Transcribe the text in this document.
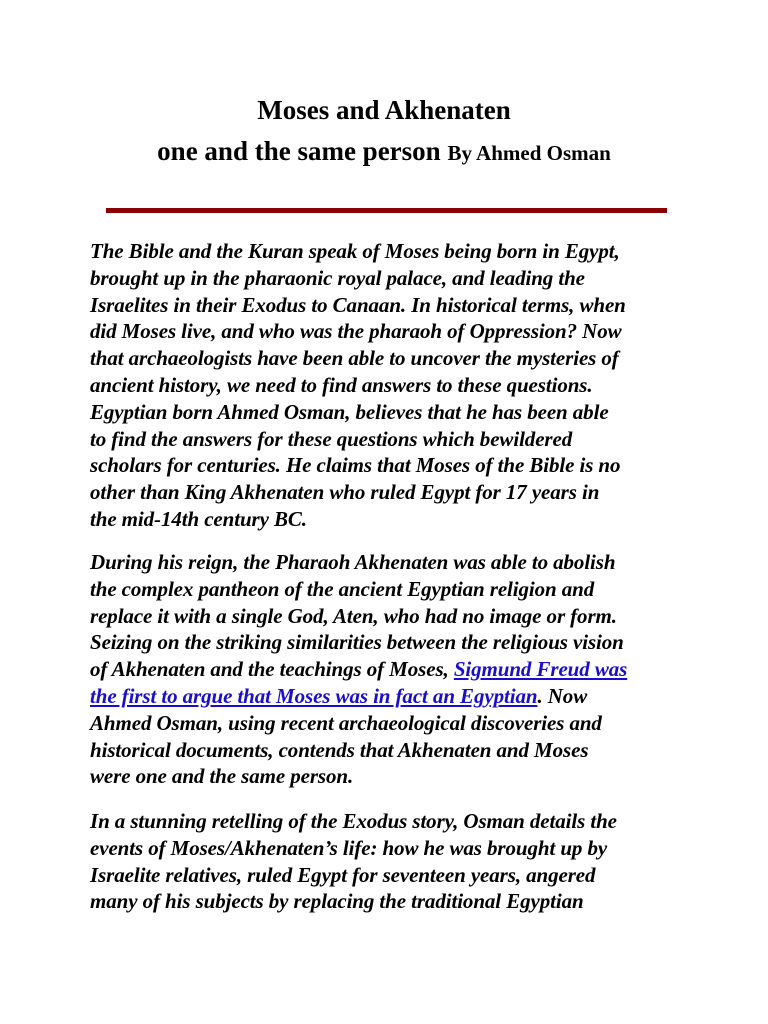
Moses and Akhenaten
one and the same person By Ahmed Osman

The Bible and the Kuran speak of Moses being born in Egypt,
brought up in the pharaonic royal palace, and leading the
Israelites in their Exodus to Canaan. In historical terms, when
did Moses live, and who was the pharaoh of Oppression? Now
that archaeologists have been able to uncover the mysteries of
ancient history, we need to find answers to these questions.
Egyptian born Ahmed Osman, believes that he has been able
to find the answers for these questions which bewildered
scholars for centuries. He claims that Moses of the Bible is no
other than King Akhenaten who ruled Egypt for 17 years in
the mid-14th century BC.

During his reign, the Pharaoh Akhenaten was able to abolish
the complex pantheon of the ancient Egyptian religion and
replace it with a single God, Aten, who had no image or form.
Seizing on the striking similarities between the religious vision
of Akhenaten and the teachings of Moses, Sigmund Freud was
the first to argue that Moses was in fact an Egyptian. Now
Ahmed Osman, using recent archaeological discoveries and
historical documents, contends that Akhenaten and Moses
were one and the same person.

In a stunning retelling of the Exodus story, Osman details the
events of Moses/Akhenaten’s life: how he was brought up by
Israelite relatives, ruled Egypt for seventeen years, angered
many of his subjects by replacing the traditional Egyptian
